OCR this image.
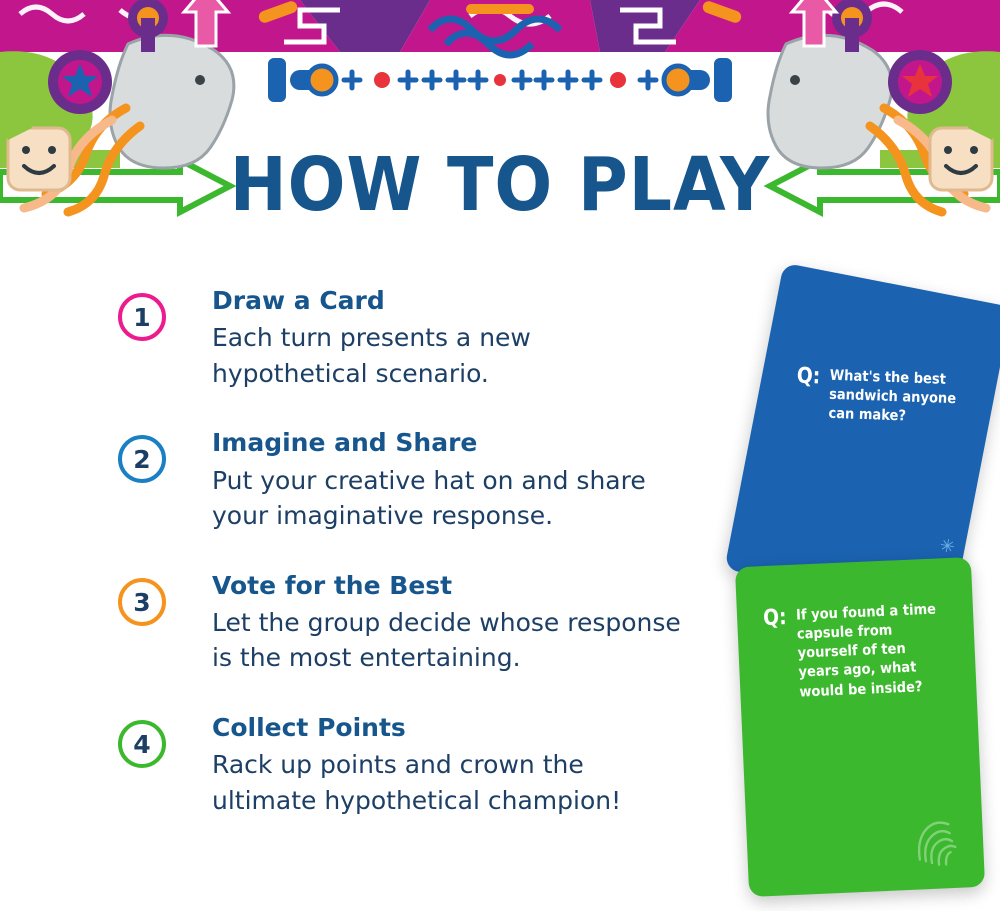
HOW TO PLAY
1
Draw a Card
Each turn presents a new hypothetical scenario.
2
Imagine and Share
Put your creative hat on and share your imaginative response.
3
Vote for the Best
Let the group decide whose response is the most entertaining.
4
Collect Points
Rack up points and crown the ultimate hypothetical champion!
Q: What's the best sandwich anyone can make?
✳
Q: If you found a time capsule from yourself of ten years ago, what would be inside?
